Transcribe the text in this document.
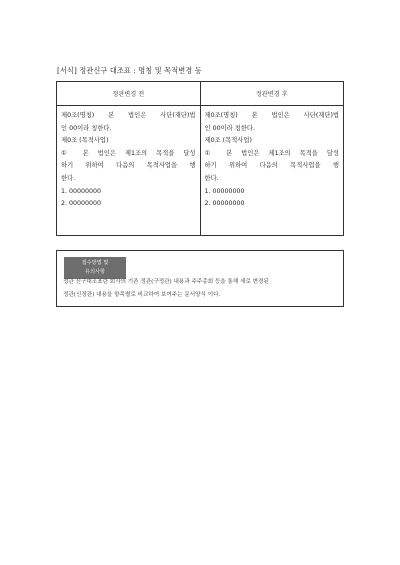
[서식] 정관신구 대조표 : 명칭 및 목적변경 등
정관변경 전	정관변경 후
제0조(명칭) 본 법인은 사단(재단)법
인 00이라 칭한다.
제0조 (목적사업)
① 본 법인은 제1조의 목적을 달성
하기 위하여 다음의 목적사업을 행
한다.
1. 00000000
2. 00000000
제0조(명칭) 본 법인은 사단(재단)법
인 00이라 칭한다.
제0조 (목적사업)
① 본 법인은 제1조의 목적을 달성
하기 위하여 다음의 목적사업을 행
한다.
1. 00000000
2. 00000000
접수방법 및
유의사항
정관 신구대조표란 회사의 기존 정관(구정관) 내용과 주주총회 등을 통해 새로 변경된
정관(신정관) 내용을 항목별로 비교하여 보여주는 문서양식 이다.
